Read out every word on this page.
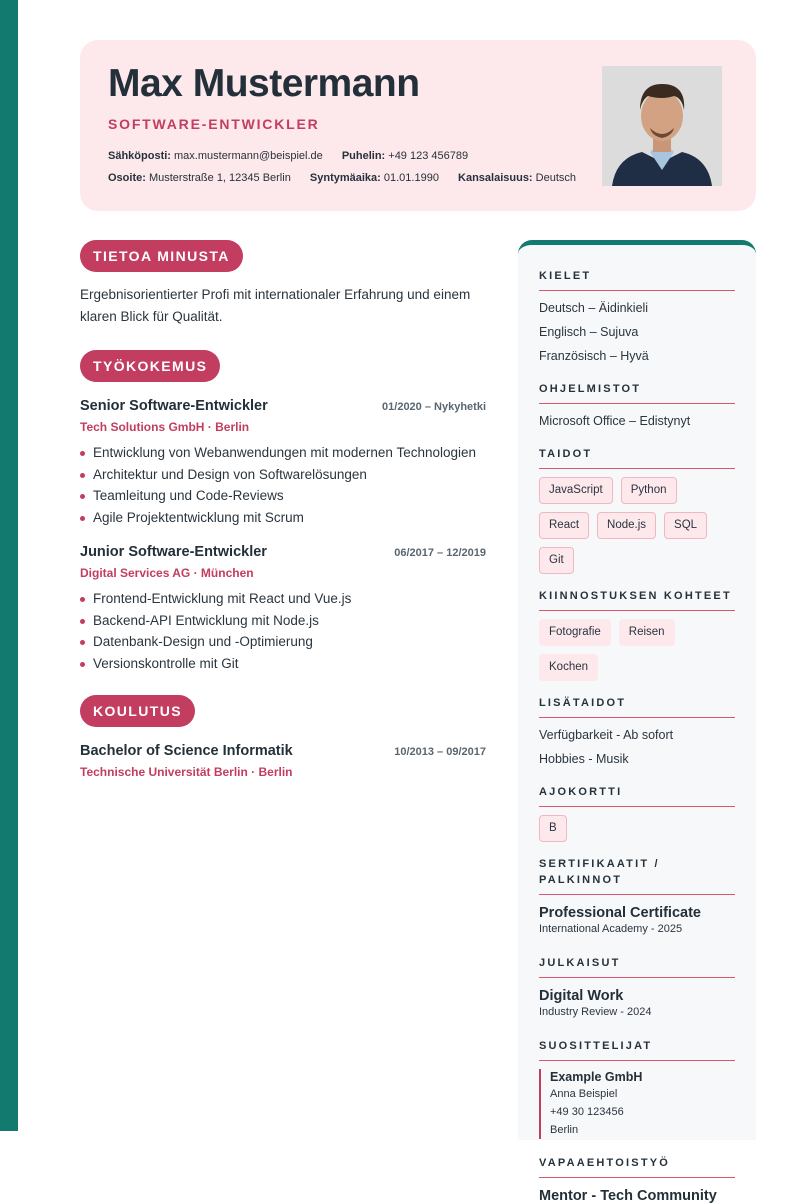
Max Mustermann
SOFTWARE-ENTWICKLER
Sähköposti: max.mustermann@beispiel.de Puhelin: +49 123 456789
Osoite: Musterstraße 1, 12345 Berlin Syntymäaika: 01.01.1990 Kansalaisuus: Deutsch
TIETOA MINUSTA

Ergebnisorientierter Profi mit internationaler Erfahrung und einem klaren Blick für Qualität.

TYÖKOKEMUS
Senior Software-Entwickler	01/2020 – Nykyhetki
Tech Solutions GmbH · Berlin
Entwicklung von Webanwendungen mit modernen Technologien
Architektur und Design von Softwarelösungen
Teamleitung und Code-Reviews
Agile Projektentwicklung mit Scrum
Junior Software-Entwickler	06/2017 – 12/2019
Digital Services AG · München
Frontend-Entwicklung mit React und Vue.js
Backend-API Entwicklung mit Node.js
Datenbank-Design und -Optimierung
Versionskontrolle mit Git
KOULUTUS
Bachelor of Science Informatik	10/2013 – 09/2017
Technische Universität Berlin · Berlin
KIELET
Deutsch – Äidinkieli
Englisch – Sujuva
Französisch – Hyvä
OHJELMISTOT
Microsoft Office – Edistynyt
TAIDOT
JavaScript	Python
React	Node.js	SQL
Git
KIINNOSTUKSEN KOHTEET
Fotografie	Reisen
Kochen
LISÄTAIDOT
Verfügbarkeit - Ab sofort
Hobbies - Musik
AJOKORTTI
B
SERTIFIKAATIT / PALKINNOT
Professional Certificate
International Academy - 2025
JULKAISUT
Digital Work
Industry Review - 2024
SUOSITTELIJAT
Example GmbH
Anna Beispiel
+49 30 123456
Berlin
VAPAAEHTOISTYÖ
Mentor - Tech Community
